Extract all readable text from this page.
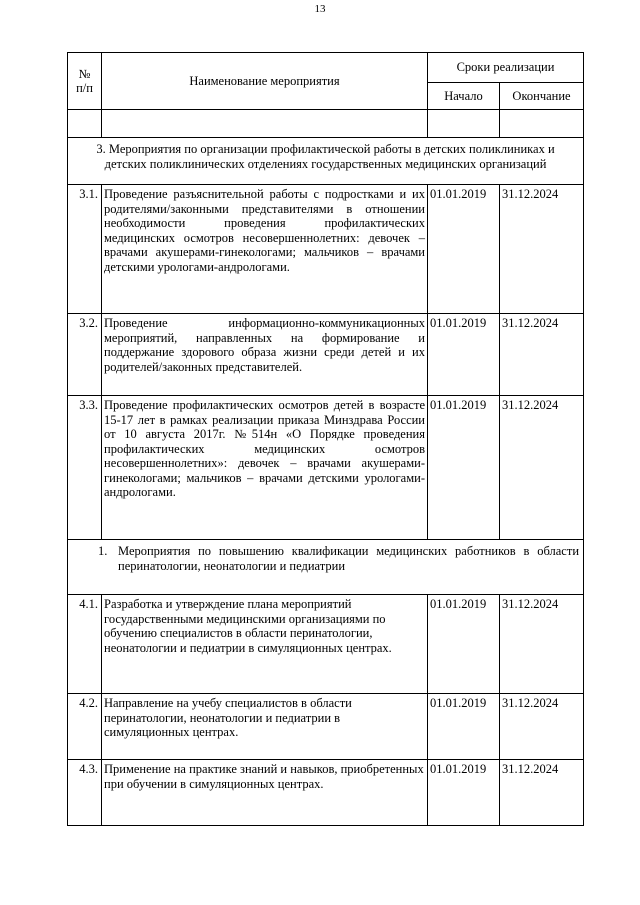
13
№ п/п	Наименование мероприятия	Сроки реализации	
		Начало	Окончание

3. Мероприятия по организации профилактической работы в детских поликлиниках и детских поликлинических отделениях государственных медицинских организаций			
3.1.	Проведение разъяснительной работы с подростками и их родителями/законными представителями в отношении необходимости проведения профилактических медицинских осмотров несовершеннолетних: девочек – врачами акушерами-гинекологами; мальчиков – врачами детскими урологами-андрологами.	01.01.2019	31.12.2024
3.2.	Проведение информационно-коммуникационных мероприятий, направленных на формирование и поддержание здорового образа жизни среди детей и их родителей/законных представителей.	01.01.2019	31.12.2024
3.3.	Проведение профилактических осмотров детей в возрасте 15-17 лет в рамках реализации приказа Минздрава России от 10 августа 2017г. №514н «О Порядке проведения профилактических медицинских осмотров несовершеннолетних»: девочек – врачами акушерами-гинекологами; мальчиков – врачами детскими урологами-андрологами.	01.01.2019	31.12.2024

1. Мероприятия по повышению квалификации медицинских работников в области перинатологии, неонатологии и педиатрии			

4.1.	Разработка и утверждение плана мероприятий государственными медицинскими организациями по обучению специалистов в области перинатологии, неонатологии и педиатрии в симуляционных центрах.	01.01.2019	31.12.2024
4.2.	Направление на учебу специалистов в области перинатологии, неонатологии и педиатрии в симуляционных центрах.	01.01.2019	31.12.2024
4.3.	Применение на практике знаний и навыков, приобретенных при обучении в симуляционных центрах.	01.01.2019	31.12.2024
